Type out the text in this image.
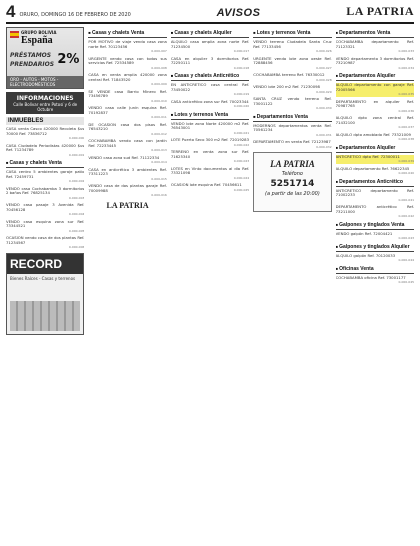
4 ORURO, DOMINGO 16 DE FEBRERO DE 2020	AVISOS	LA PATRIA
GRUPO BOLIVIA
España
PRÉSTAMOS
PRENDARIOS 2%
ORO - AUTOS - MOTOS - ELECTRODOMÉSTICOS
INFORMACIONES
Calle Bolívar entre Potosí y 6 de Octubre
INMUEBLES
CASA venta Casco 420000 Recoleta $us 70000 Ref. 73836712
0-000-000
CASA Ciudadela Periodistas 420000 $us Ref. 71234789
0-000-001
■ Casas y chalets Venta
CASA centro 5 ambientes garaje patio Ref. 72459731
0-000-002
VENDO casa Cochabamba 3 dormitorios 2 baños Ref. 76825134
0-000-003
VENDO casa pasaje 3 Avenida Ref. 70456128
0-000-004
VENDO casa esquina zona sur Ref. 73344521
0-000-005
OCASION vendo casa de dos plantas Ref. 71234567
0-000-006
RECORD
Bienes Raíces - Casas y terrenos
■ Casas y chalets Venta
POR MOTIVO de viaje vendo casa zona norte Ref. 70123456
0-000-007
URGENTE vendo casa con todos sus servicios Ref. 72534589
0-000-008
CASA en venta amplia 420000 zona central Ref. 71843520
0-000-009
SE VENDE casa Barrio Minero Ref. 73456789
0-000-010
VENDO casa calle Junín esquina Ref. 70192837
0-000-011
DE OCASION casa dos pisos Ref. 76543210
0-000-012
COCHABAMBA vendo casa con jardín Ref. 72233445
0-000-013
VENDO casa zona sud Ref. 71122334
0-000-014
CASA en anticrético 3 ambientes Ref. 73311223
0-000-015
VENDO casa de dos plantas garaje Ref. 70009988
0-000-016
LA PATRIA
■ Casas y chalets Alquiler
ALQUILO casa amplia zona norte Ref. 71234500
0-000-017
CASA en alquiler 3 dormitorios Ref. 72250111
0-000-018
■ Casas y chalets Anticrético
EN ANTICRETICO casa central Ref. 73450022
0-000-019
CASA anticrético zona sur Ref. 70023344
0-000-020
■ Lotes y terrenos Venta
VENDO lote zona Norte 420000 m2 Ref. 76543001
0-000-021
LOTE Puerto Seco 300 m2 Ref. 72019283
0-000-022
TERRENO en venta zona sur Ref. 71625340
0-000-023
LOTES en Vinto documentos al día Ref. 73321098
0-000-024
OCASION lote esquina Ref. 70456611
0-000-025
■ Lotes y terrenos Venta
VENDO terreno Ciudadela Santa Cruz Ref. 77133456
0-000-026
URGENTE vendo lote zona oeste Ref. 72888456
0-000-027
COCHABAMBA terreno Ref. 76330012
0-000-028
VENDO lote 200 m2 Ref. 71230098
0-000-029
SANTA CRUZ vendo terreno Ref. 73001122
0-000-030
■ Departamentos Venta
MODERNOS departamentos venta Ref. 70561234
0-000-031
DEPARTAMENTO en venta Ref. 72123987
0-000-032
LA PATRIA
Teléfono
5251714
(a partir de las 20:00)
■ Departamentos Venta
COCHABAMBA departamento Ref. 71123321
0-000-033
VENDO departamento 3 dormitorios Ref. 73210987
0-000-034
■ Departamentos Alquiler
ALQUILO departamento con garaje Ref. 72005566
0-000-035
DEPARTAMENTO en alquiler Ref. 70987765
0-000-036
ALQUILO dpto zona central Ref. 71432100
0-000-037
ALQUILO dpto amoblado Ref. 73321009
0-000-038
■ Departamentos Alquiler
ANTICRETICO dpto Ref. 72300011
0-000-039
ALQUILO departamento Ref. 76622345
0-000-040
■ Departamentos Anticrético
ANTICRETICO departamento Ref. 71002233
0-000-041
DEPARTAMENTO anticrético Ref. 73211000
0-000-042
■ Galpones y tinglados Venta
VENDO galpón Ref. 72004421
0-000-043
■ Galpones y tinglados Alquiler
ALQUILO galpón Ref. 70120033
0-000-044
■ Oficinas Venta
COCHABAMBA oficina Ref. 73001177
0-000-045
